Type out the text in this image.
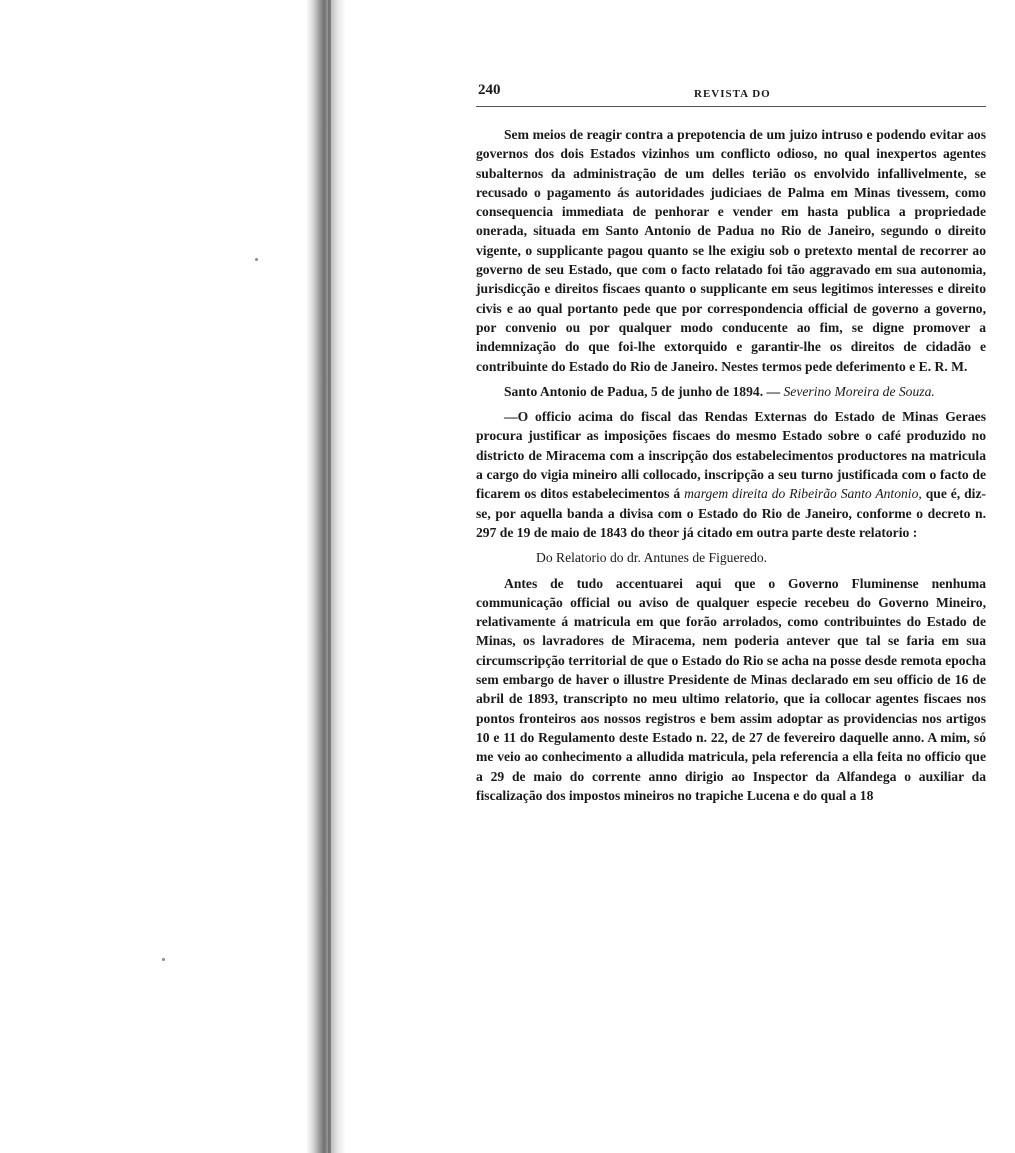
240	REVISTA DO

Sem meios de reagir contra a prepotencia de um juizo intruso e podendo evitar aos governos dos dois Estados vizinhos um conflicto odioso, no qual inexpertos agentes subalternos da administração de um delles terião os envolvido infallivelmente, se recusado o pagamento ás autoridades judiciaes de Palma em Minas tivessem, como consequencia immediata de penhorar e vender em hasta publica a propriedade onerada, situada em Santo Antonio de Padua no Rio de Janeiro, segundo o direito vigente, o supplicante pagou quanto se lhe exigiu sob o pretexto mental de recorrer ao governo de seu Estado, que com o facto relatado foi tão aggravado em sua autonomia, jurisdicção e direitos fiscaes quanto o supplicante em seus legitimos interesses e direito civis e ao qual portanto pede que por correspondencia official de governo a governo, por convenio ou por qualquer modo conducente ao fim, se digne promover a indemnização do que foi-lhe extorquido e garantir-lhe os direitos de cidadão e contribuinte do Estado do Rio de Janeiro. Nestes termos pede deferimento e E. R. M.

Santo Antonio de Padua, 5 de junho de 1894. — Severino Moreira de Souza.

—O officio acima do fiscal das Rendas Externas do Estado de Minas Geraes procura justificar as imposições fiscaes do mesmo Estado sobre o café produzido no districto de Miracema com a inscripção dos estabelecimentos productores na matricula a cargo do vigia mineiro alli collocado, inscripção a seu turno justificada com o facto de ficarem os ditos estabelecimentos á margem direita do Ribeirão Santo Antonio, que é, diz-se, por aquella banda a divisa com o Estado do Rio de Janeiro, conforme o decreto n. 297 de 19 de maio de 1843 do theor já citado em outra parte deste relatorio :

Do Relatorio do dr. Antunes de Figueredo.

Antes de tudo accentuarei aqui que o Governo Fluminense nenhuma communicação official ou aviso de qualquer especie recebeu do Governo Mineiro, relativamente á matricula em que forão arrolados, como contribuintes do Estado de Minas, os lavradores de Miracema, nem poderia antever que tal se faria em sua circumscripção territorial de que o Estado do Rio se acha na posse desde remota epocha sem embargo de haver o illustre Presidente de Minas declarado em seu officio de 16 de abril de 1893, transcripto no meu ultimo relatorio, que ia collocar agentes fiscaes nos pontos fronteiros aos nossos registros e bem assim adoptar as providencias nos artigos 10 e 11 do Regulamento deste Estado n. 22, de 27 de fevereiro daquelle anno. A mim, só me veio ao conhecimento a alludida matricula, pela referencia a ella feita no officio que a 29 de maio do corrente anno dirigio ao Inspector da Alfandega o auxiliar da fiscalização dos impostos mineiros no trapiche Lucena e do qual a 18
